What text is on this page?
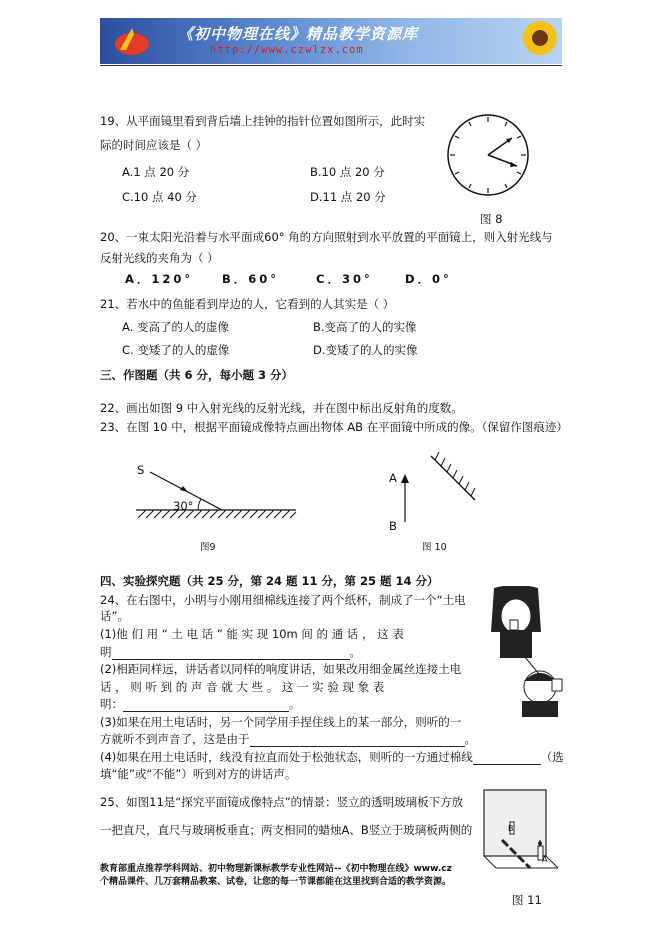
《初中物理在线》精品教学资源库
http://www.czwlzx.com
19、从平面镜里看到背后墙上挂钟的指针位置如图所示，此时实
际的时间应该是（ ）
A.1 点 20 分	B.10 点 20 分
C.10 点 40 分	D.11 点 20 分
图 8
20、一束太阳光沿着与水平面成60° 角的方向照射到水平放置的平面镜上，则入射光线与
反射光线的夹角为（ ）
A．120°	B．60°	C．30°	D．0°
21、若水中的鱼能看到岸边的人，它看到的人其实是（ ）
A. 变高了的人的虚像	B.变高了的人的实像
C. 变矮了的人的虚像	D.变矮了的人的实像
三、作图题（共 6 分，每小题 3 分）
22、画出如图 9 中入射光线的反射光线，并在图中标出反射角的度数。
23、在图 10 中，根据平面镜成像特点画出物体 AB 在平面镜中所成的像。（保留作图痕迹）
S
30°
图9
A
B
图 10
四、实验探究题（共 25 分，第 24 题 11 分，第 25 题 14 分）
24、在右图中，小明与小刚用细棉线连接了两个纸杯，制成了一个“土电
话”。
(1)他 们 用 “ 土 电 话 ” 能 实 现 10m 间 的 通 话 ， 这 表
明	。
(2)相距同样远，讲话者以同样的响度讲话，如果改用细金属丝连接土电
话 ， 则 听 到 的 声 音 就 大 些 。 这 一 实 验 现 象 表
明：	。
(3)如果在用土电话时，另一个同学用手捏住线上的某一部分，则听的一
方就听不到声音了，这是由于	。
(4)如果在用土电话时，线没有拉直而处于松弛状态，则听的一方通过棉线	（选
填“能”或“不能”）听到对方的讲话声。
25、如图11是“探究平面镜成像特点”的情景：竖立的透明玻璃板下方放
一把直尺，直尺与玻璃板垂直；两支相同的蜡烛A、B竖立于玻璃板两侧的	B
A
教育部重点推荐学科网站、初中物理新课标教学专业性网站--《初中物理在线》www.cz
个精品课件、几万套精品教案、试卷，让您的每一节课都能在这里找到合适的教学资源。
图 11
